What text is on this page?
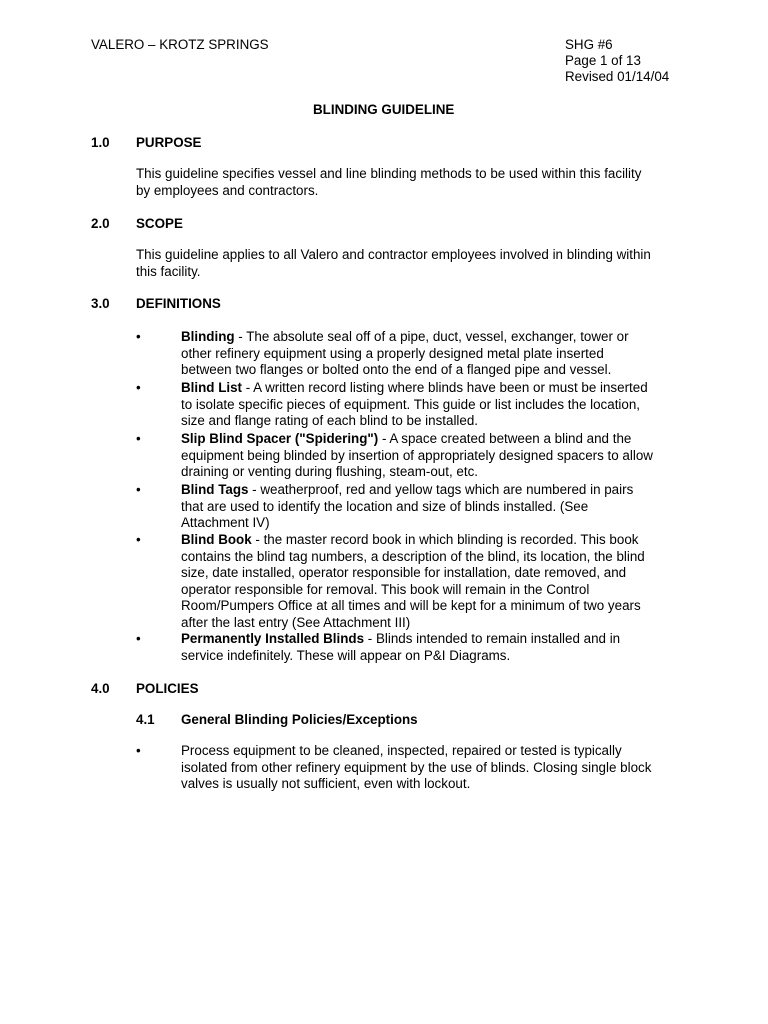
VALERO – KROTZ SPRINGS	SHG #6
Page 1 of 13
Revised 01/14/04
BLINDING GUIDELINE
1.0 PURPOSE
This guideline specifies vessel and line blinding methods to be used within this facility
by employees and contractors.
2.0 SCOPE
This guideline applies to all Valero and contractor employees involved in blinding within
this facility.
3.0 DEFINITIONS
•	Blinding - The absolute seal off of a pipe, duct, vessel, exchanger, tower or
other refinery equipment using a properly designed metal plate inserted
between two flanges or bolted onto the end of a flanged pipe and vessel.
•	Blind List - A written record listing where blinds have been or must be inserted
to isolate specific pieces of equipment. This guide or list includes the location,
size and flange rating of each blind to be installed.
•	Slip Blind Spacer ("Spidering") - A space created between a blind and the
equipment being blinded by insertion of appropriately designed spacers to allow
draining or venting during flushing, steam-out, etc.
•	Blind Tags - weatherproof, red and yellow tags which are numbered in pairs
that are used to identify the location and size of blinds installed. (See
Attachment IV)
•	Blind Book - the master record book in which blinding is recorded. This book
contains the blind tag numbers, a description of the blind, its location, the blind
size, date installed, operator responsible for installation, date removed, and
operator responsible for removal. This book will remain in the Control
Room/Pumpers Office at all times and will be kept for a minimum of two years
after the last entry (See Attachment III)
•	Permanently Installed Blinds - Blinds intended to remain installed and in
service indefinitely. These will appear on P&I Diagrams.
4.0 POLICIES
4.1 General Blinding Policies/Exceptions
•	Process equipment to be cleaned, inspected, repaired or tested is typically
isolated from other refinery equipment by the use of blinds. Closing single block
valves is usually not sufficient, even with lockout.
